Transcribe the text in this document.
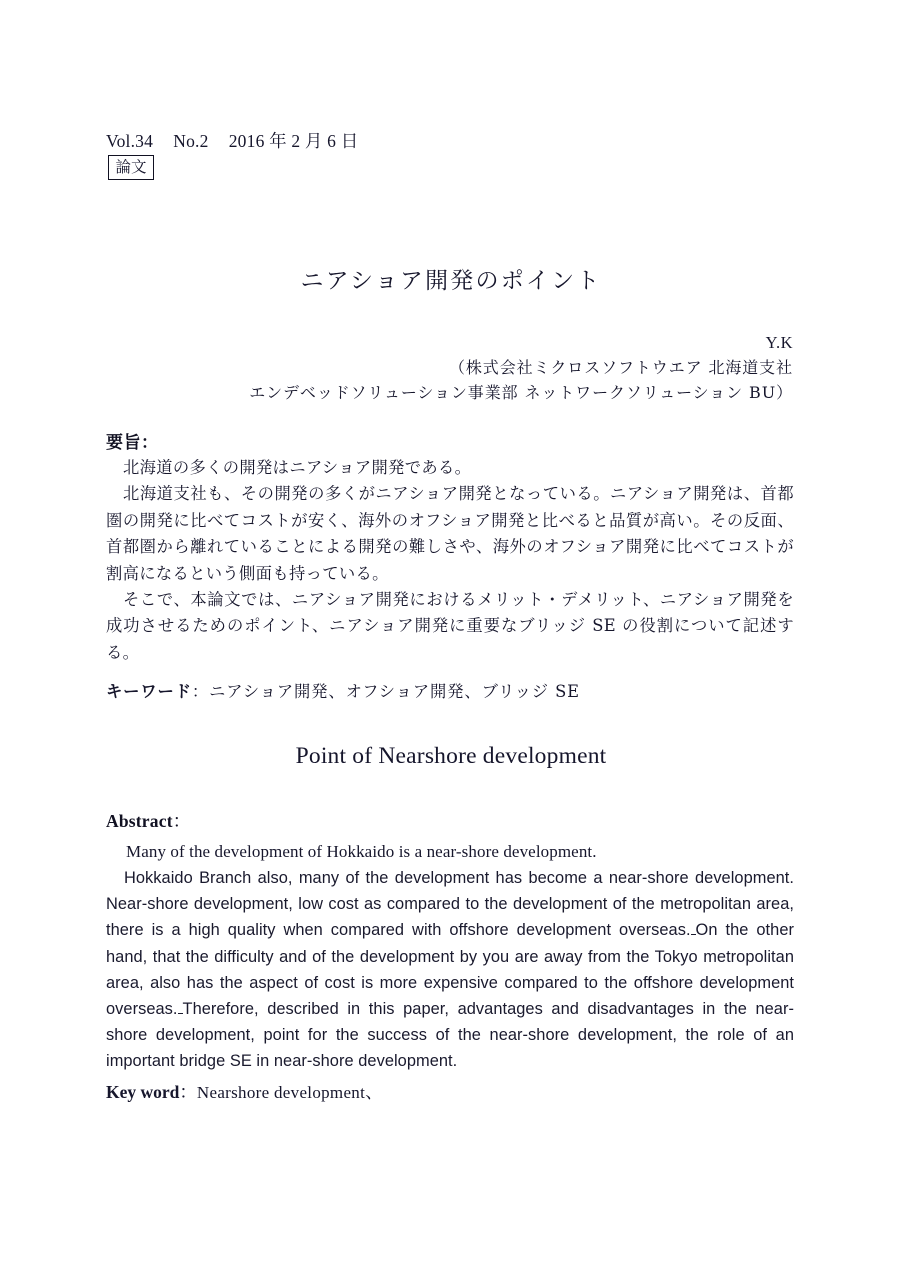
Vol.34 No.2 2016 年 2 月 6 日
論文
ニアショア開発のポイント
Y.K
（株式会社ミクロスソフトウエア 北海道支社
エンデベッドソリューション事業部 ネットワークソリューション BU）
要旨：

北海道の多くの開発はニアショア開発である。

北海道支社も、その開発の多くがニアショア開発となっている。ニアショア開発は、首都圏の開発に比べてコストが安く、海外のオフショア開発と比べると品質が高い。その反面、首都圏から離れていることによる開発の難しさや、海外のオフショア開発に比べてコストが割高になるという側面も持っている。

そこで、本論文では、ニアショア開発におけるメリット・デメリット、ニアショア開発を成功させるためのポイント、ニアショア開発に重要なブリッジ SE の役割について記述する。

キーワード：ニアショア開発、オフショア開発、ブリッジ SE
Point of Nearshore development
Abstract：

Many of the development of Hokkaido is a near-shore development.

Hokkaido Branch also, many of the development has become a near-shore development. Near-shore development, low cost as compared to the development of the metropolitan area, there is a high quality when compared with offshore development overseas. On the other hand, that the difficulty and of the development by you are away from the Tokyo metropolitan area, also has the aspect of cost is more expensive compared to the offshore development overseas. Therefore, described in this paper, advantages and disadvantages in the near-shore development, point for the success of the near-shore development, the role of an important bridge SE in near-shore development.

Key word：Nearshore development、
